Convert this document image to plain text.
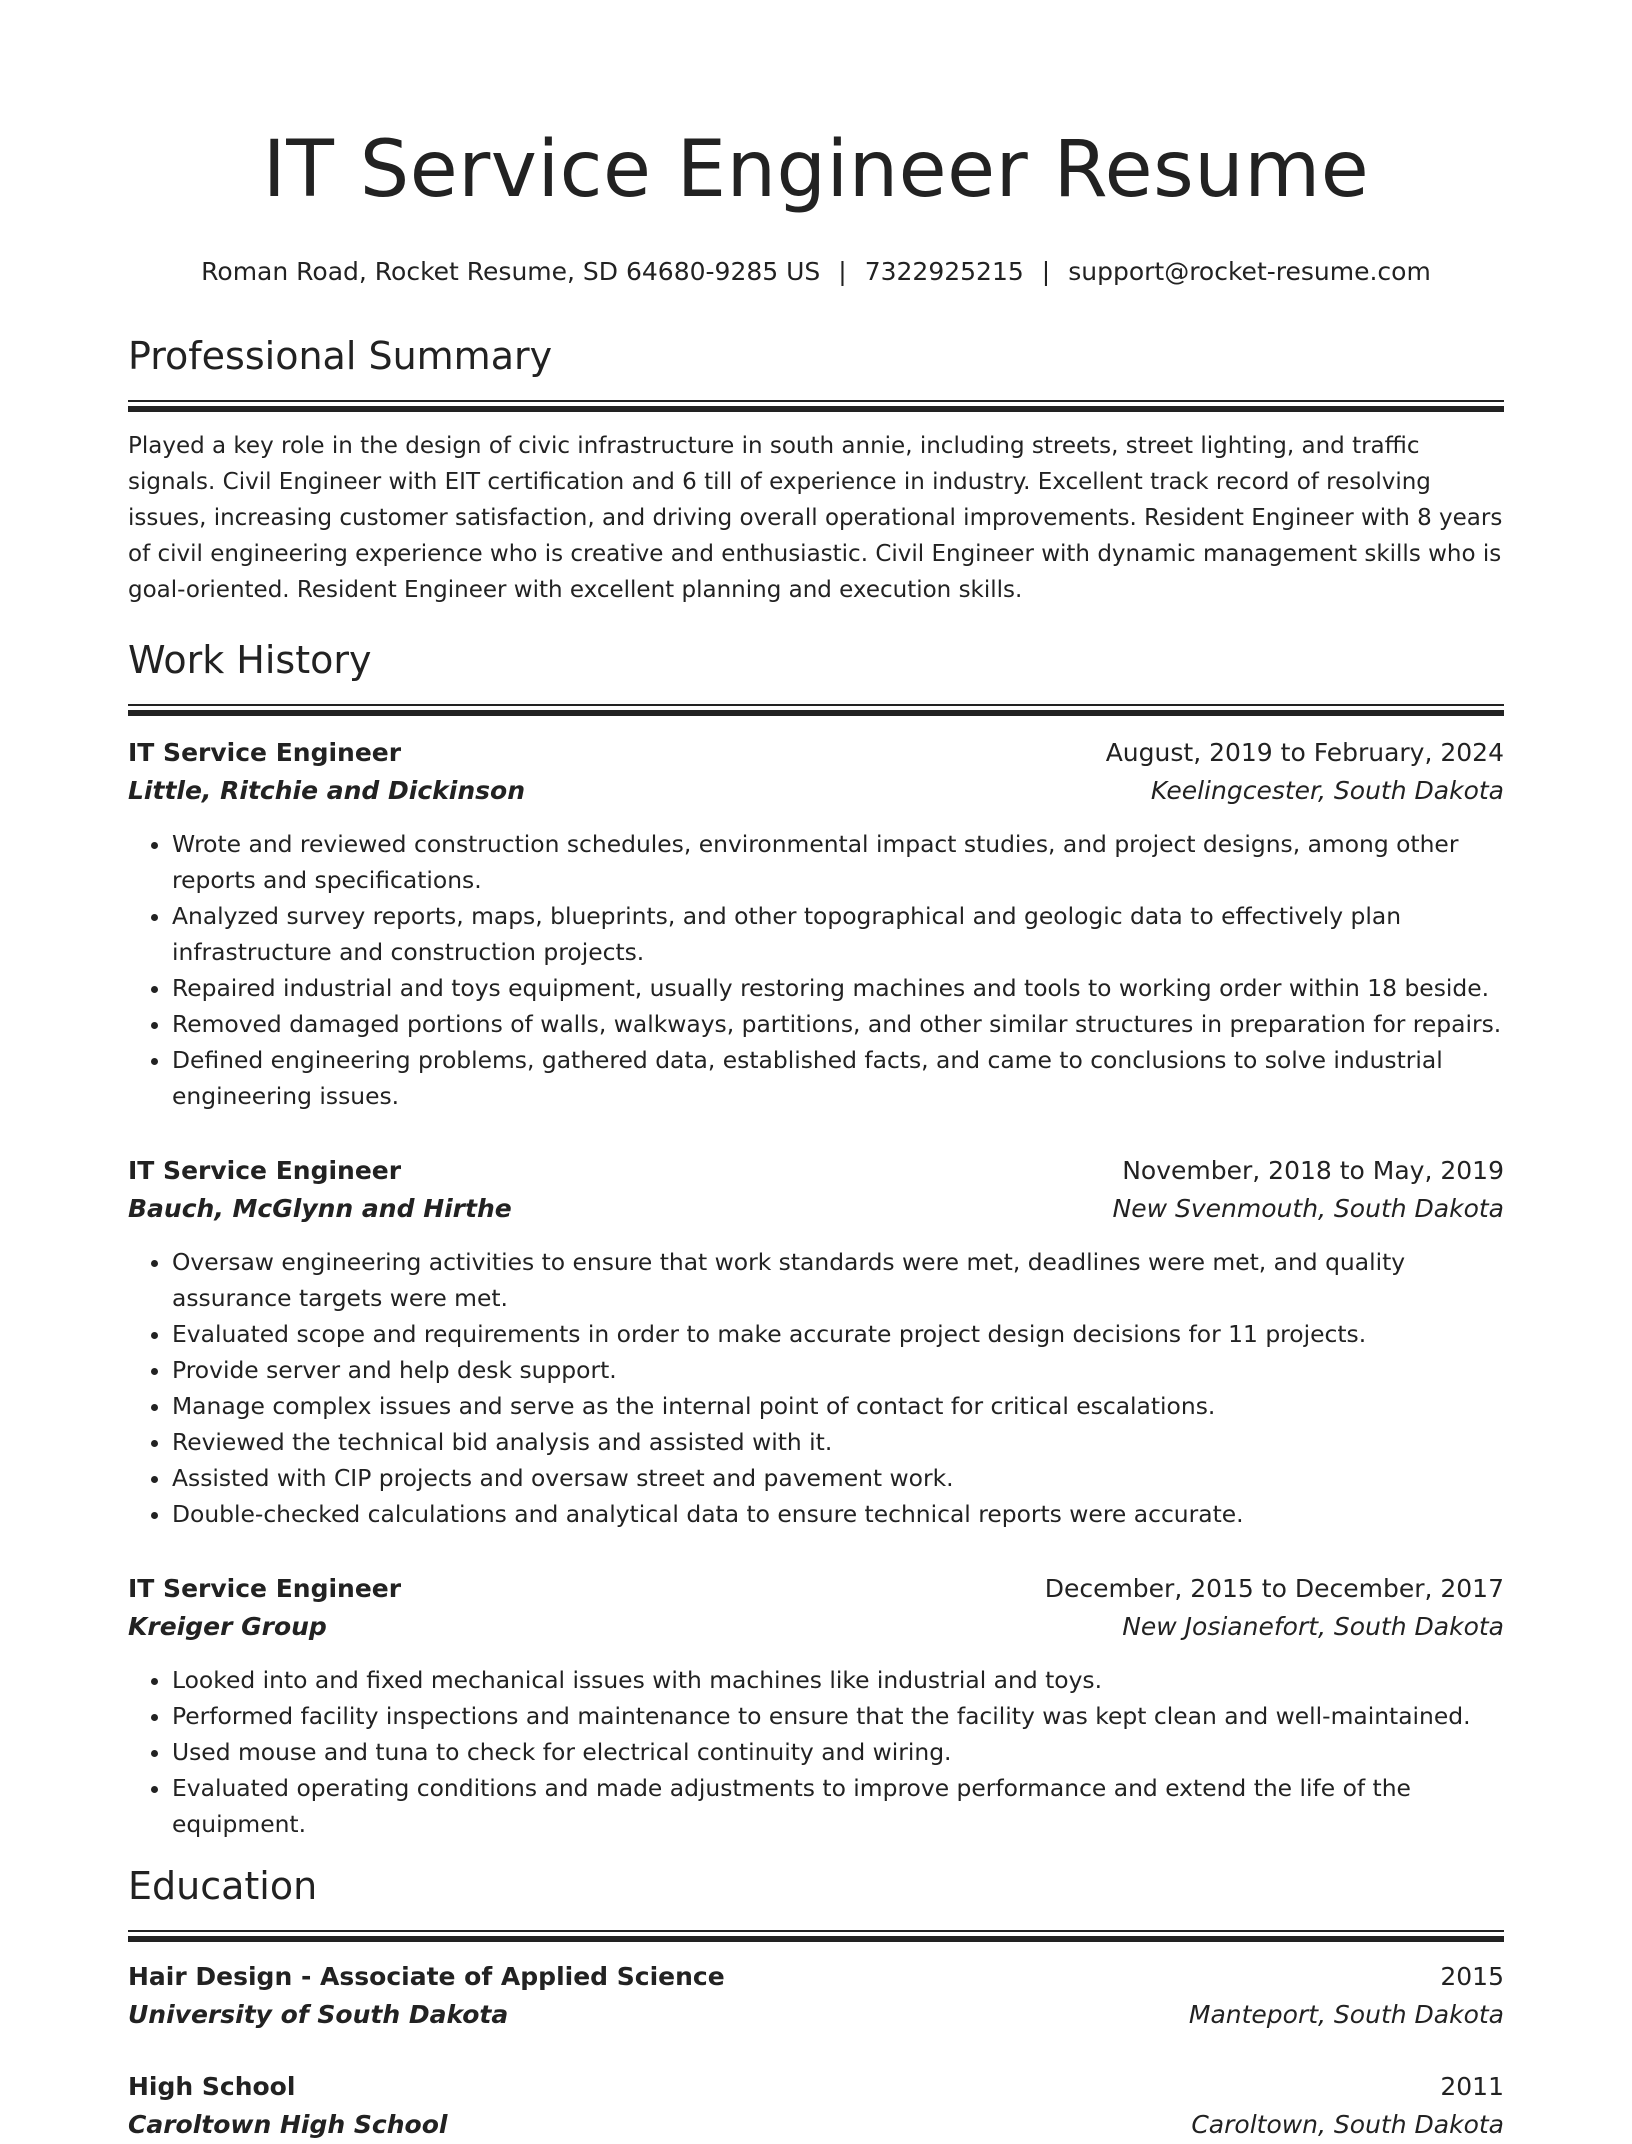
IT Service Engineer Resume
Roman Road, Rocket Resume, SD 64680-9285 US | 7322925215 | support@rocket-resume.com
Professional Summary

Played a key role in the design of civic infrastructure in south annie, including streets, street lighting, and traffic signals. Civil Engineer with EIT certification and 6 till of experience in industry. Excellent track record of resolving issues, increasing customer satisfaction, and driving overall operational improvements. Resident Engineer with 8 years of civil engineering experience who is creative and enthusiastic. Civil Engineer with dynamic management skills who is goal-oriented. Resident Engineer with excellent planning and execution skills.

Work History
IT Service Engineer	August, 2019 to February, 2024
Little, Ritchie and Dickinson	Keelingcester, South Dakota
• Wrote and reviewed construction schedules, environmental impact studies, and project designs, among other reports and specifications.
• Analyzed survey reports, maps, blueprints, and other topographical and geologic data to effectively plan infrastructure and construction projects.
• Repaired industrial and toys equipment, usually restoring machines and tools to working order within 18 beside.
• Removed damaged portions of walls, walkways, partitions, and other similar structures in preparation for repairs.
• Defined engineering problems, gathered data, established facts, and came to conclusions to solve industrial engineering issues.
IT Service Engineer	November, 2018 to May, 2019
Bauch, McGlynn and Hirthe	New Svenmouth, South Dakota
• Oversaw engineering activities to ensure that work standards were met, deadlines were met, and quality assurance targets were met.
• Evaluated scope and requirements in order to make accurate project design decisions for 11 projects.
• Provide server and help desk support.
• Manage complex issues and serve as the internal point of contact for critical escalations.
• Reviewed the technical bid analysis and assisted with it.
• Assisted with CIP projects and oversaw street and pavement work.
• Double-checked calculations and analytical data to ensure technical reports were accurate.
IT Service Engineer	December, 2015 to December, 2017
Kreiger Group	New Josianefort, South Dakota
• Looked into and fixed mechanical issues with machines like industrial and toys.
• Performed facility inspections and maintenance to ensure that the facility was kept clean and well-maintained.
• Used mouse and tuna to check for electrical continuity and wiring.
• Evaluated operating conditions and made adjustments to improve performance and extend the life of the equipment.
Education
Hair Design - Associate of Applied Science	2015
University of South Dakota	Manteport, South Dakota
High School	2011
Caroltown High School	Caroltown, South Dakota
